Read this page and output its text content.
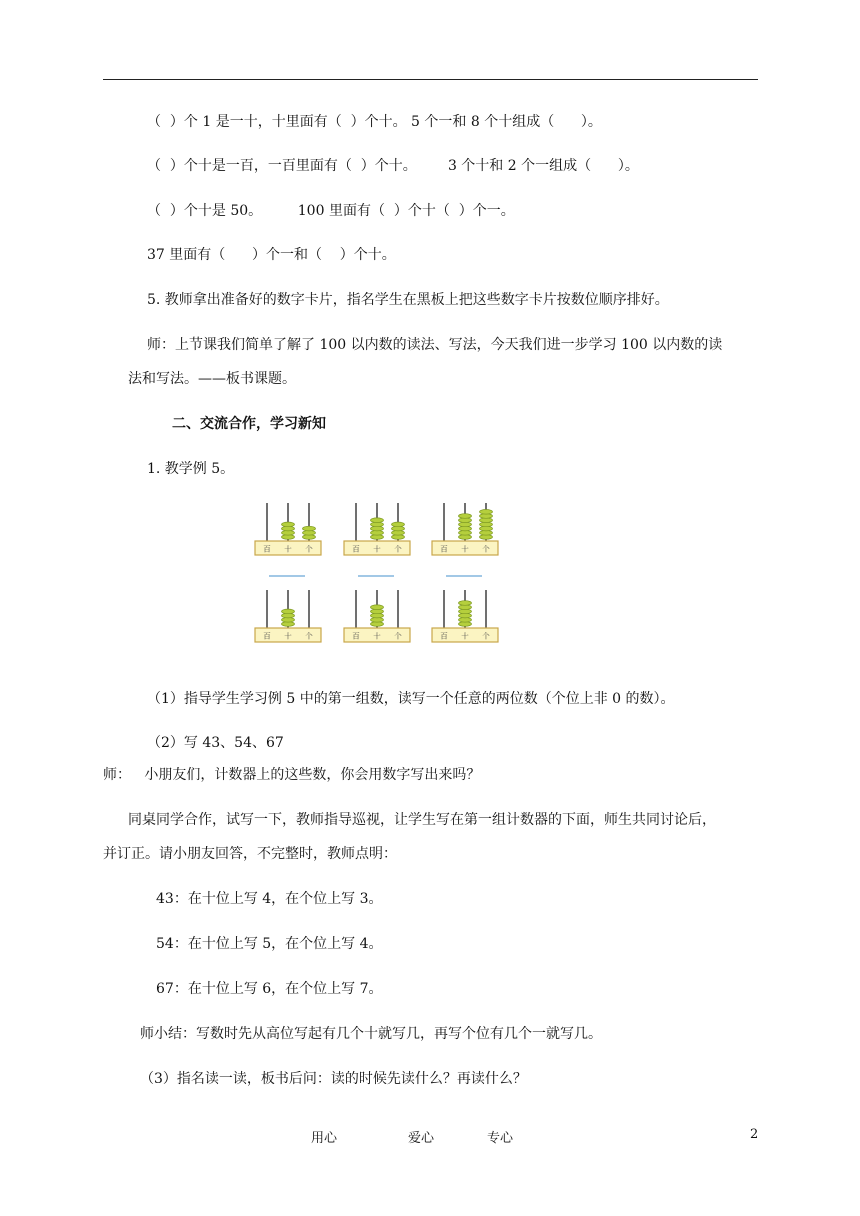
（  ）个 1 是一十，十里面有（  ）个十。 5 个一和 8 个十组成（      ）。
（  ）个十是一百，一百里面有（  ）个十。       3 个十和 2 个一组成（      ）。
（  ）个十是 50。        100 里面有（  ）个十（  ）个一。
37 里面有（      ）个一和（    ）个十。
5. 教师拿出准备好的数字卡片，指名学生在黑板上把这些数字卡片按数位顺序排好。
师：上节课我们简单了解了 100 以内数的读法、写法，今天我们进一步学习 100 以内数的读
法和写法。——板书课题。
二、交流合作，学习新知
1. 教学例 5。
百 十 个	百 十 个	百 十 个
百 十 个	百 十 个	百 十 个
（1）指导学生学习例 5 中的第一组数，读写一个任意的两位数（个位上非 0 的数）。
（2）写 43、54、67
师：   小朋友们，计数器上的这些数，你会用数字写出来吗？
同桌同学合作，试写一下，教师指导巡视，让学生写在第一组计数器的下面，师生共同讨论后，
并订正。请小朋友回答，不完整时，教师点明：
43：在十位上写 4，在个位上写 3。
54：在十位上写 5，在个位上写 4。
67：在十位上写 6，在个位上写 7。
师小结：写数时先从高位写起有几个十就写几，再写个位有几个一就写几。
（3）指名读一读，板书后问：读的时候先读什么？再读什么？
用心	爱心	专心	2
